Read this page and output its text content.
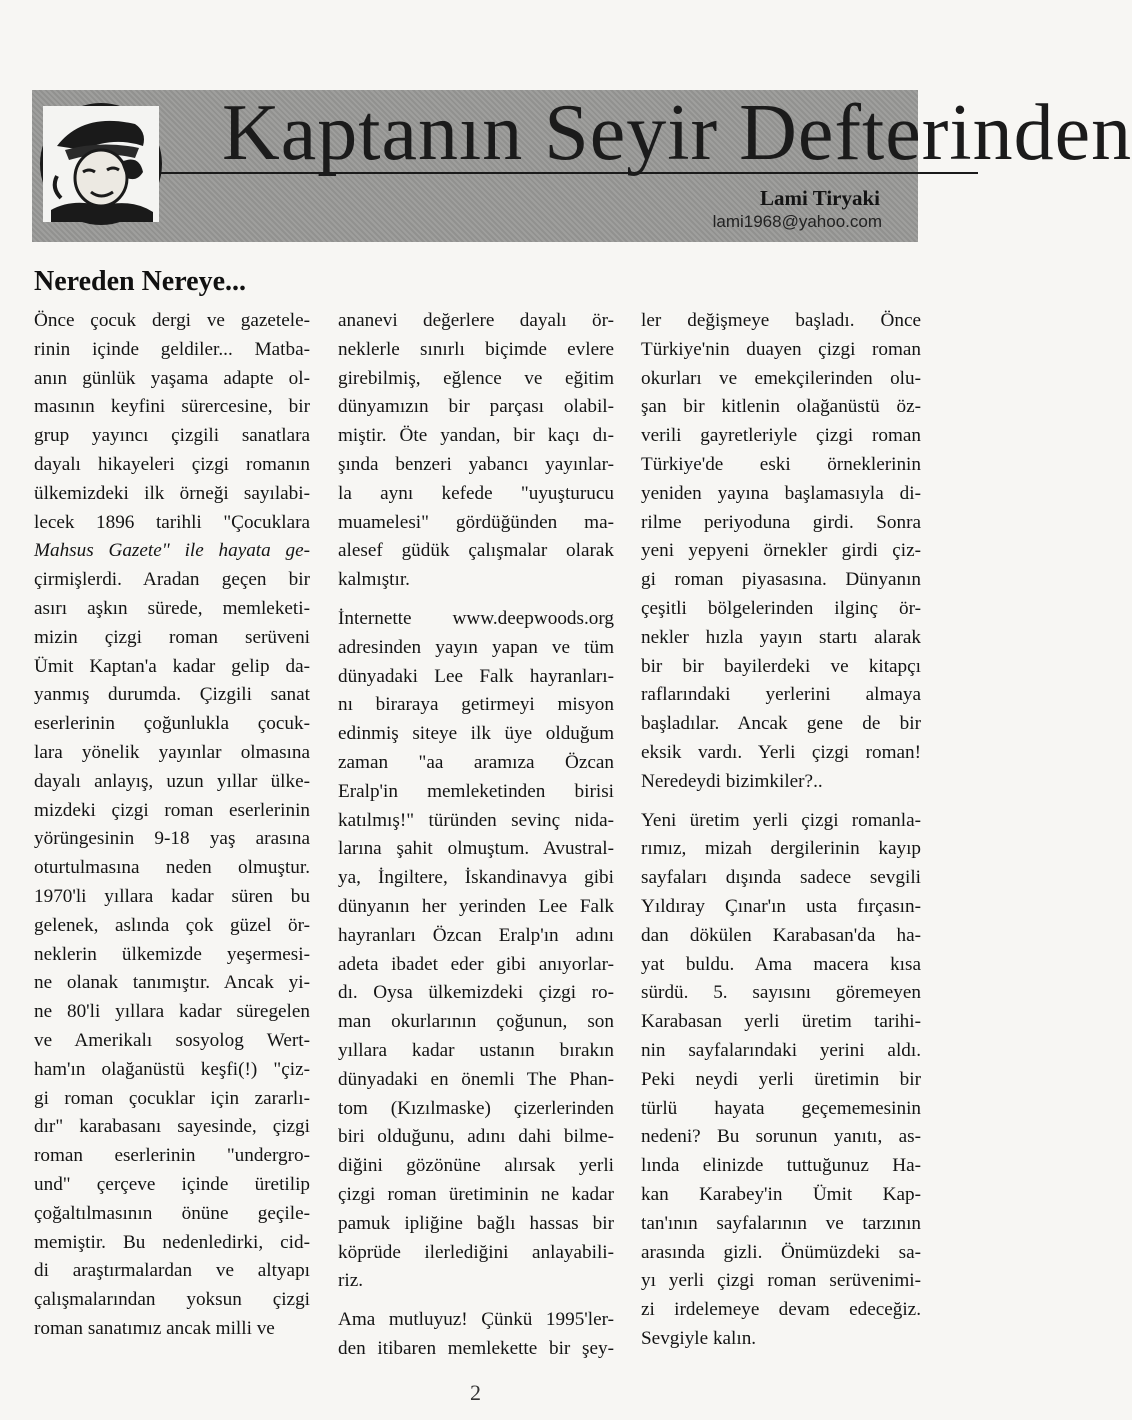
Kaptanın Seyir Defterinden
Lami Tiryaki
lami1968@yahoo.com
Nereden Nereye...
Önce çocuk dergi ve gazetele-
rinin içinde geldiler... Matba-
anın günlük yaşama adapte ol-
masının keyfini sürercesine, bir
grup yayıncı çizgili sanatlara
dayalı hikayeleri çizgi romanın
ülkemizdeki ilk örneği sayılabi-
lecek 1896 tarihli "Çocuklara
Mahsus Gazete" ile hayata ge-
çirmişlerdi. Aradan geçen bir
asırı aşkın sürede, memleketi-
mizin çizgi roman serüveni
Ümit Kaptan'a kadar gelip da-
yanmış durumda. Çizgili sanat
eserlerinin çoğunlukla çocuk-
lara yönelik yayınlar olmasına
dayalı anlayış, uzun yıllar ülke-
mizdeki çizgi roman eserlerinin
yörüngesinin 9-18 yaş arasına
oturtulmasına neden olmuştur.
1970'li yıllara kadar süren bu
gelenek, aslında çok güzel ör-
neklerin ülkemizde yeşermesi-
ne olanak tanımıştır. Ancak yi-
ne 80'li yıllara kadar süregelen
ve Amerikalı sosyolog Wert-
ham'ın olağanüstü keşfi(!) "çiz-
gi roman çocuklar için zararlı-
dır" karabasanı sayesinde, çizgi
roman eserlerinin "undergro-
und" çerçeve içinde üretilip
çoğaltılmasının önüne geçile-
memiştir. Bu nedenledirki, cid-
di araştırmalardan ve altyapı
çalışmalarından yoksun çizgi
roman sanatımız ancak milli ve
ananevi değerlere dayalı ör-
neklerle sınırlı biçimde evlere
girebilmiş, eğlence ve eğitim
dünyamızın bir parçası olabil-
miştir. Öte yandan, bir kaçı dı-
şında benzeri yabancı yayınlar-
la aynı kefede "uyuşturucu
muamelesi" gördüğünden ma-
alesef güdük çalışmalar olarak
kalmıştır.
İnternette www.deepwoods.org
adresinden yayın yapan ve tüm
dünyadaki Lee Falk hayranları-
nı biraraya getirmeyi misyon
edinmiş siteye ilk üye olduğum
zaman "aa aramıza Özcan
Eralp'in memleketinden birisi
katılmış!" türünden sevinç nida-
larına şahit olmuştum. Avustral-
ya, İngiltere, İskandinavya gibi
dünyanın her yerinden Lee Falk
hayranları Özcan Eralp'ın adını
adeta ibadet eder gibi anıyorlar-
dı. Oysa ülkemizdeki çizgi ro-
man okurlarının çoğunun, son
yıllara kadar ustanın bırakın
dünyadaki en önemli The Phan-
tom (Kızılmaske) çizerlerinden
biri olduğunu, adını dahi bilme-
diğini gözönüne alırsak yerli
çizgi roman üretiminin ne kadar
pamuk ipliğine bağlı hassas bir
köprüde ilerlediğini anlayabili-
riz.
Ama mutluyuz! Çünkü 1995'ler-
den itibaren memlekette bir şey-
ler değişmeye başladı. Önce
Türkiye'nin duayen çizgi roman
okurları ve emekçilerinden olu-
şan bir kitlenin olağanüstü öz-
verili gayretleriyle çizgi roman
Türkiye'de eski örneklerinin
yeniden yayına başlamasıyla di-
rilme periyoduna girdi. Sonra
yeni yepyeni örnekler girdi çiz-
gi roman piyasasına. Dünyanın
çeşitli bölgelerinden ilginç ör-
nekler hızla yayın startı alarak
bir bir bayilerdeki ve kitapçı
raflarındaki yerlerini almaya
başladılar. Ancak gene de bir
eksik vardı. Yerli çizgi roman!
Neredeydi bizimkiler?..
Yeni üretim yerli çizgi romanla-
rımız, mizah dergilerinin kayıp
sayfaları dışında sadece sevgili
Yıldıray Çınar'ın usta fırçasın-
dan dökülen Karabasan'da ha-
yat buldu. Ama macera kısa
sürdü. 5. sayısını göremeyen
Karabasan yerli üretim tarihi-
nin sayfalarındaki yerini aldı.
Peki neydi yerli üretimin bir
türlü hayata geçememesinin
nedeni? Bu sorunun yanıtı, as-
lında elinizde tuttuğunuz Ha-
kan Karabey'in Ümit Kap-
tan'ının sayfalarının ve tarzının
arasında gizli. Önümüzdeki sa-
yı yerli çizgi roman serüvenimi-
zi irdelemeye devam edeceğiz.
Sevgiyle kalın.
2
